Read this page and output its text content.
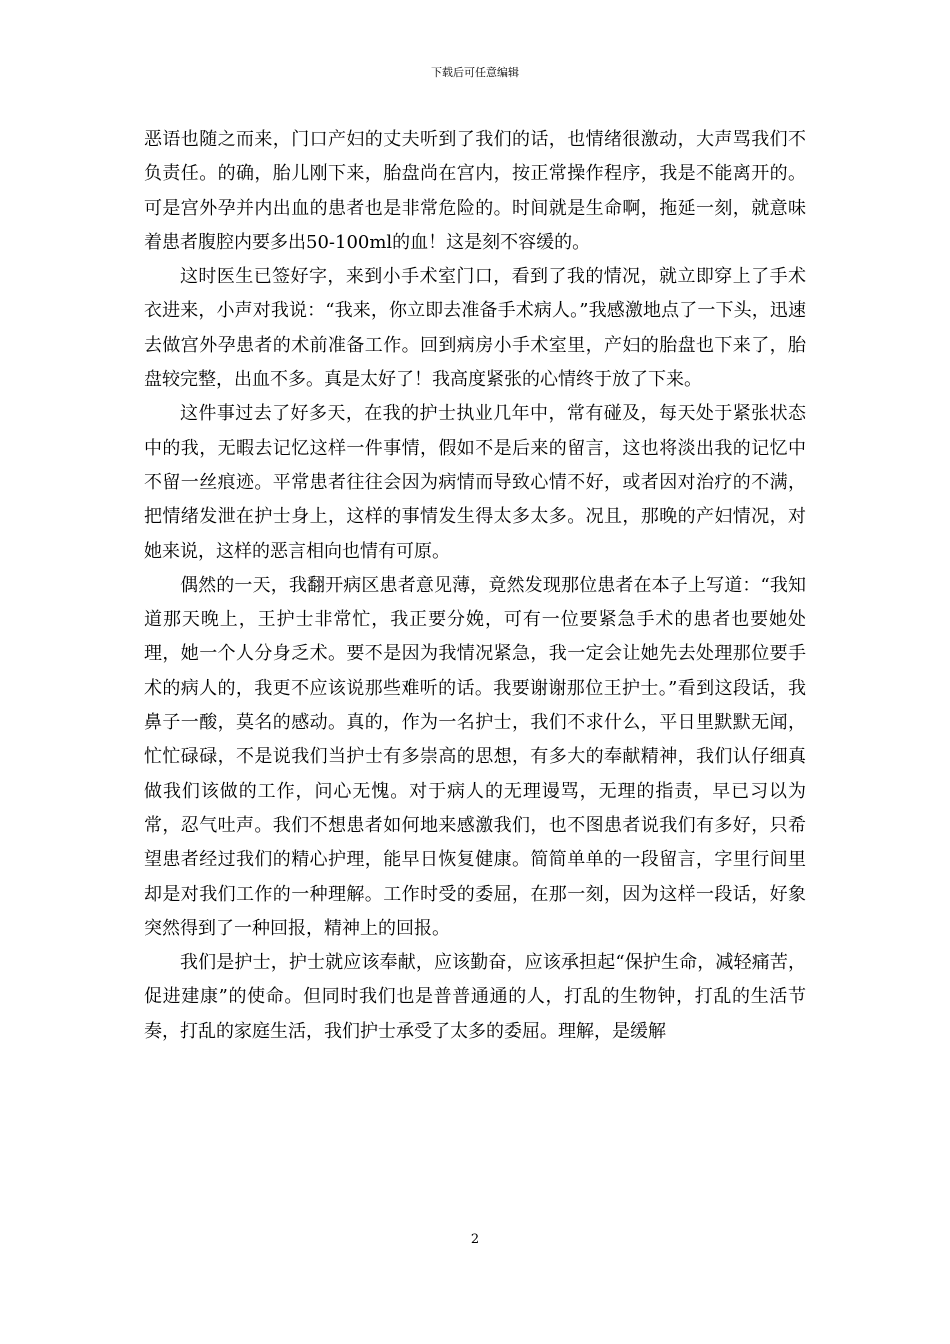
下载后可任意编辑

恶语也随之而来，门口产妇的丈夫听到了我们的话，也情绪很激动，大声骂我们不负责任。的确，胎儿刚下来，胎盘尚在宫内，按正常操作程序，我是不能离开的。可是宫外孕并内出血的患者也是非常危险的。时间就是生命啊，拖延一刻，就意味着患者腹腔内要多出50-100ml的血！这是刻不容缓的。

这时医生已签好字，来到小手术室门口，看到了我的情况，就立即穿上了手术衣进来，小声对我说：“我来，你立即去准备手术病人。”我感激地点了一下头，迅速去做宫外孕患者的术前准备工作。回到病房小手术室里，产妇的胎盘也下来了，胎盘较完整，出血不多。真是太好了！我高度紧张的心情终于放了下来。

这件事过去了好多天，在我的护士执业几年中，常有碰及，每天处于紧张状态中的我，无暇去记忆这样一件事情，假如不是后来的留言，这也将淡出我的记忆中不留一丝痕迹。平常患者往往会因为病情而导致心情不好，或者因对治疗的不满，把情绪发泄在护士身上，这样的事情发生得太多太多。况且，那晚的产妇情况，对她来说，这样的恶言相向也情有可原。

偶然的一天，我翻开病区患者意见薄，竟然发现那位患者在本子上写道：“我知道那天晚上，王护士非常忙，我正要分娩，可有一位要紧急手术的患者也要她处理，她一个人分身乏术。要不是因为我情况紧急，我一定会让她先去处理那位要手术的病人的，我更不应该说那些难听的话。我要谢谢那位王护士。”看到这段话，我鼻子一酸，莫名的感动。真的，作为一名护士，我们不求什么，平日里默默无闻，忙忙碌碌，不是说我们当护士有多崇高的思想，有多大的奉献精神，我们认仔细真做我们该做的工作，问心无愧。对于病人的无理谩骂，无理的指责，早已习以为常，忍气吐声。我们不想患者如何地来感激我们，也不图患者说我们有多好，只希望患者经过我们的精心护理，能早日恢复健康。简简单单的一段留言，字里行间里却是对我们工作的一种理解。工作时受的委屈，在那一刻，因为这样一段话，好象突然得到了一种回报，精神上的回报。

我们是护士，护士就应该奉献，应该勤奋，应该承担起“保护生命，减轻痛苦，促进建康”的使命。但同时我们也是普普通通的人，打乱的生物钟，打乱的生活节奏，打乱的家庭生活，我们护士承受了太多的委屈。理解，是缓解

2
